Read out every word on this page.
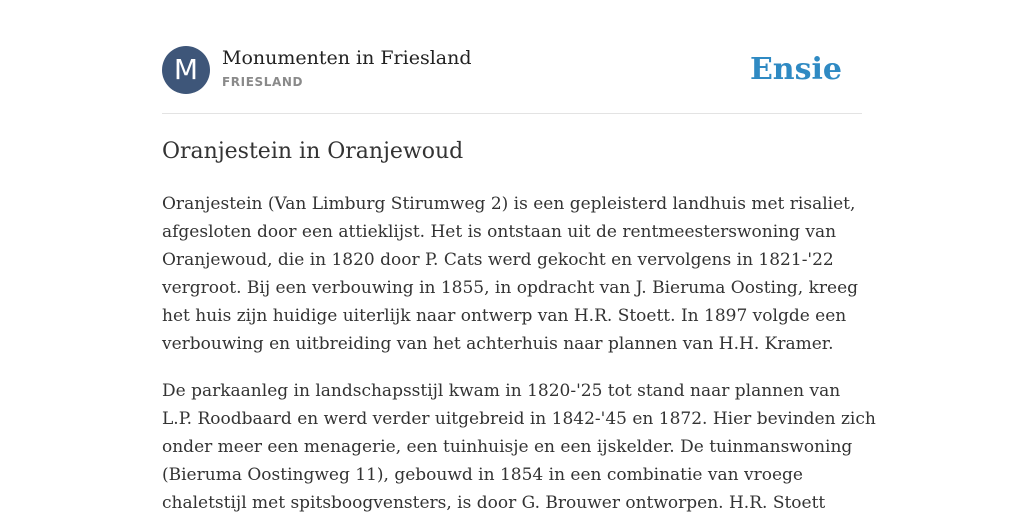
M	Monumenten in Friesland
FRIESLAND	Ensie
Oranjestein in Oranjewoud

Oranjestein (Van Limburg Stirumweg 2) is een gepleisterd landhuis met risaliet,
afgesloten door een attieklijst. Het is ontstaan uit de rentmeesterswoning van
Oranjewoud, die in 1820 door P. Cats werd gekocht en vervolgens in 1821-'22
vergroot. Bij een verbouwing in 1855, in opdracht van J. Bieruma Oosting, kreeg
het huis zijn huidige uiterlijk naar ontwerp van H.R. Stoett. In 1897 volgde een
verbouwing en uitbreiding van het achterhuis naar plannen van H.H. Kramer.

De parkaanleg in landschapsstijl kwam in 1820-'25 tot stand naar plannen van
L.P. Roodbaard en werd verder uitgebreid in 1842-'45 en 1872. Hier bevinden zich
onder meer een menagerie, een tuinhuisje en een ijskelder. De tuinmanswoning
(Bieruma Oostingweg 11), gebouwd in 1854 in een combinatie van vroege
chaletstijl met spitsboogvensters, is door G. Brouwer ontworpen. H.R. Stoett
